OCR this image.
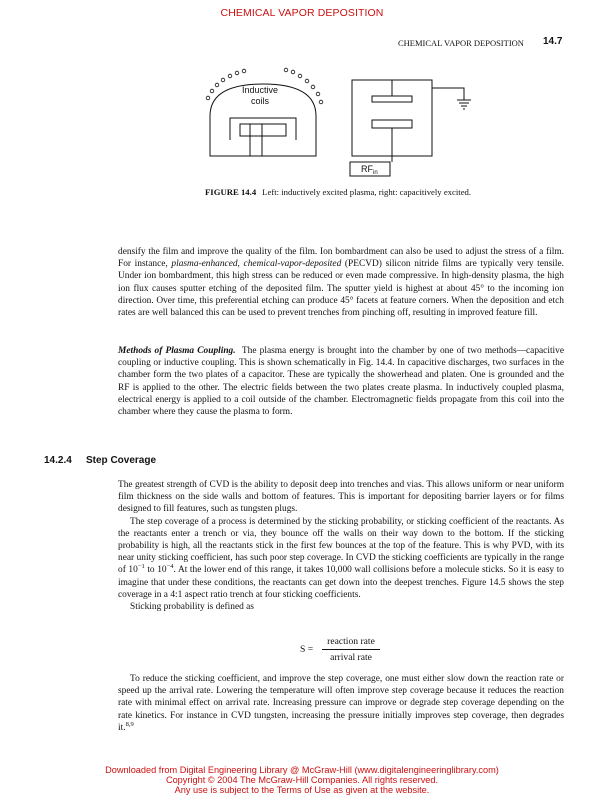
CHEMICAL VAPOR DEPOSITION
CHEMICAL VAPOR DEPOSITION 14.7
Inductive
coils
$RF_{in}$
FIGURE 14.4 Left: inductively excited plasma, right: capacitively excited.

densify the film and improve the quality of the film. Ion bombardment can also be used to adjust the stress of a film. For instance, plasma-enhanced, chemical-vapor-deposited (PECVD) silicon nitride films are typically very tensile. Under ion bombardment, this high stress can be reduced or even made compressive. In high-density plasma, the high ion flux causes sputter etching of the deposited film. The sputter yield is highest at about 45° to the incoming ion direction. Over time, this preferential etching can produce 45° facets at feature corners. When the deposition and etch rates are well balanced this can be used to prevent trenches from pinching off, resulting in improved feature fill.

Methods of Plasma Coupling. The plasma energy is brought into the chamber by one of two methods—capacitive coupling or inductive coupling. This is shown schematically in Fig. 14.4. In capacitive discharges, two surfaces in the chamber form the two plates of a capacitor. These are typically the showerhead and platen. One is grounded and the RF is applied to the other. The electric fields between the two plates create plasma. In inductively coupled plasma, electrical energy is applied to a coil outside of the chamber. Electromagnetic fields propagate from this coil into the chamber where they cause the plasma to form.

14.2.4 Step Coverage

The greatest strength of CVD is the ability to deposit deep into trenches and vias. This allows uniform or near uniform film thickness on the side walls and bottom of features. This is important for depositing barrier layers or for films designed to fill features, such as tungsten plugs.

The step coverage of a process is determined by the sticking probability, or sticking coefficient of the reactants. As the reactants enter a trench or via, they bounce off the walls on their way down to the bottom. If the sticking probability is high, all the reactants stick in the first few bounces at the top of the feature. This is why PVD, with its near unity sticking coefficient, has such poor step coverage. In CVD the sticking coefficients are typically in the range of $10^{-1}$ to $10^{-4}$. At the lower end of this range, it takes 10,000 wall collisions before a molecule sticks. So it is easy to imagine that under these conditions, the reactants can get down into the deepest trenches. Figure 14.5 shows the step coverage in a 4:1 aspect ratio trench at four sticking coefficients.

Sticking probability is defined as

S =
reaction rate
arrival rate

To reduce the sticking coefficient, and improve the step coverage, one must either slow down the reaction rate or speed up the arrival rate. Lowering the temperature will often improve step coverage because it reduces the reaction rate with minimal effect on arrival rate. Increasing pressure can improve or degrade step coverage depending on the rate kinetics. For instance in CVD tungsten, increasing the pressure initially improves step coverage, then degrades it.$^{8,9}$

Downloaded from Digital Engineering Library @ McGraw-Hill (www.digitalengineeringlibrary.com)
Copyright © 2004 The McGraw-Hill Companies. All rights reserved.
Any use is subject to the Terms of Use as given at the website.
